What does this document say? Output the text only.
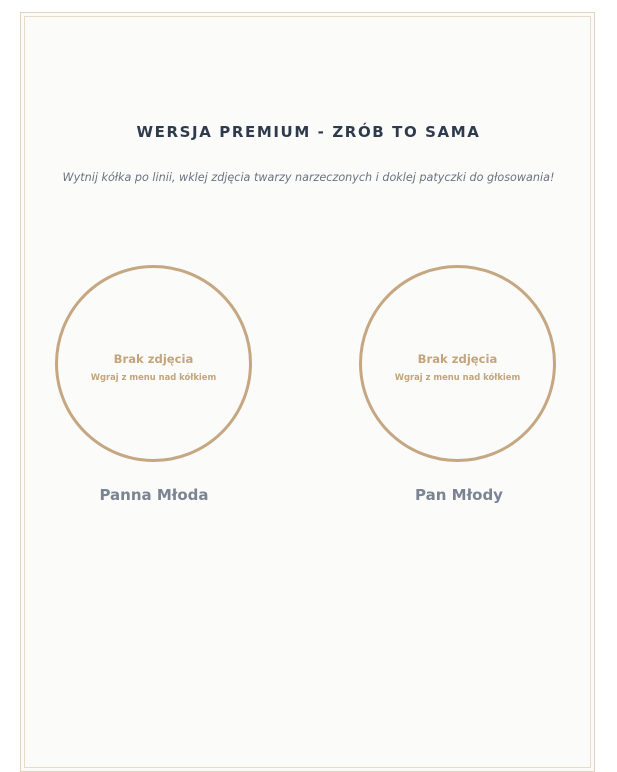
WERSJA PREMIUM - ZRÓB TO SAMA
Wytnij kółka po linii, wklej zdjęcia twarzy narzeczonych i doklej patyczki do głosowania!
Brak zdjęcia
Wgraj z menu nad kółkiem
Panna Młoda
Brak zdjęcia
Wgraj z menu nad kółkiem
Pan Młody
